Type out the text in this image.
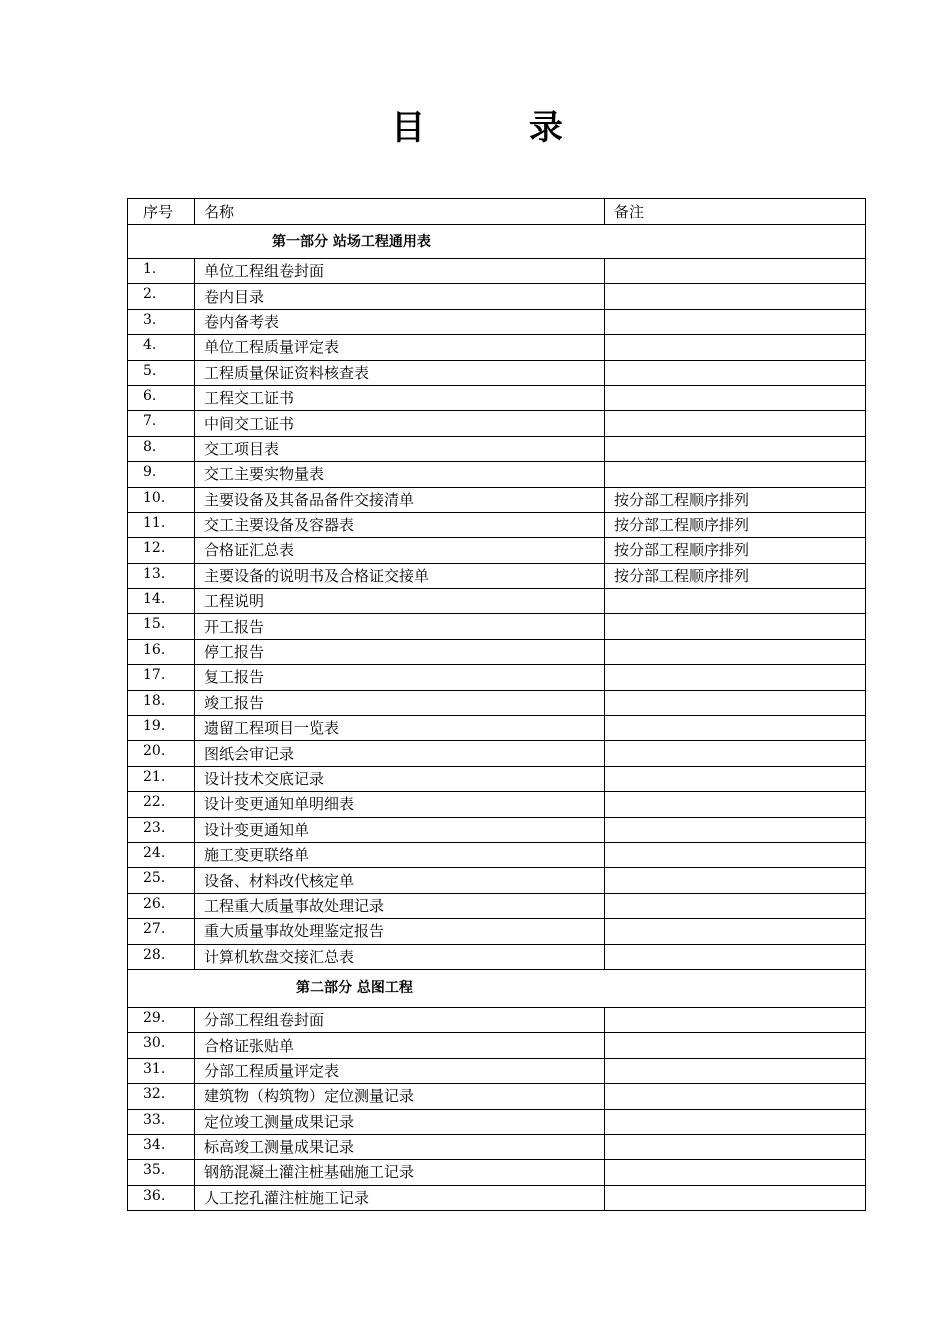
目 录
序号	名称	备注
第一部分 站场工程通用表		
1.	单位工程组卷封面	
2.	卷内目录	
3.	卷内备考表	
4.	单位工程质量评定表	
5.	工程质量保证资料核查表	
6.	工程交工证书	
7.	中间交工证书	
8.	交工项目表	
9.	交工主要实物量表	
10.	主要设备及其备品备件交接清单	按分部工程顺序排列
11.	交工主要设备及容器表	按分部工程顺序排列
12.	合格证汇总表	按分部工程顺序排列
13.	主要设备的说明书及合格证交接单	按分部工程顺序排列
14.	工程说明	
15.	开工报告	
16.	停工报告	
17.	复工报告	
18.	竣工报告	
19.	遗留工程项目一览表	
20.	图纸会审记录	
21.	设计技术交底记录	
22.	设计变更通知单明细表	
23.	设计变更通知单	
24.	施工变更联络单	
25.	设备、材料改代核定单	
26.	工程重大质量事故处理记录	
27.	重大质量事故处理鉴定报告	
28.	计算机软盘交接汇总表	
第二部分 总图工程		
29.	分部工程组卷封面	
30.	合格证张贴单	
31.	分部工程质量评定表	
32.	建筑物（构筑物）定位测量记录	
33.	定位竣工测量成果记录	
34.	标高竣工测量成果记录	
35.	钢筋混凝土灌注桩基础施工记录	
36.	人工挖孔灌注桩施工记录	
